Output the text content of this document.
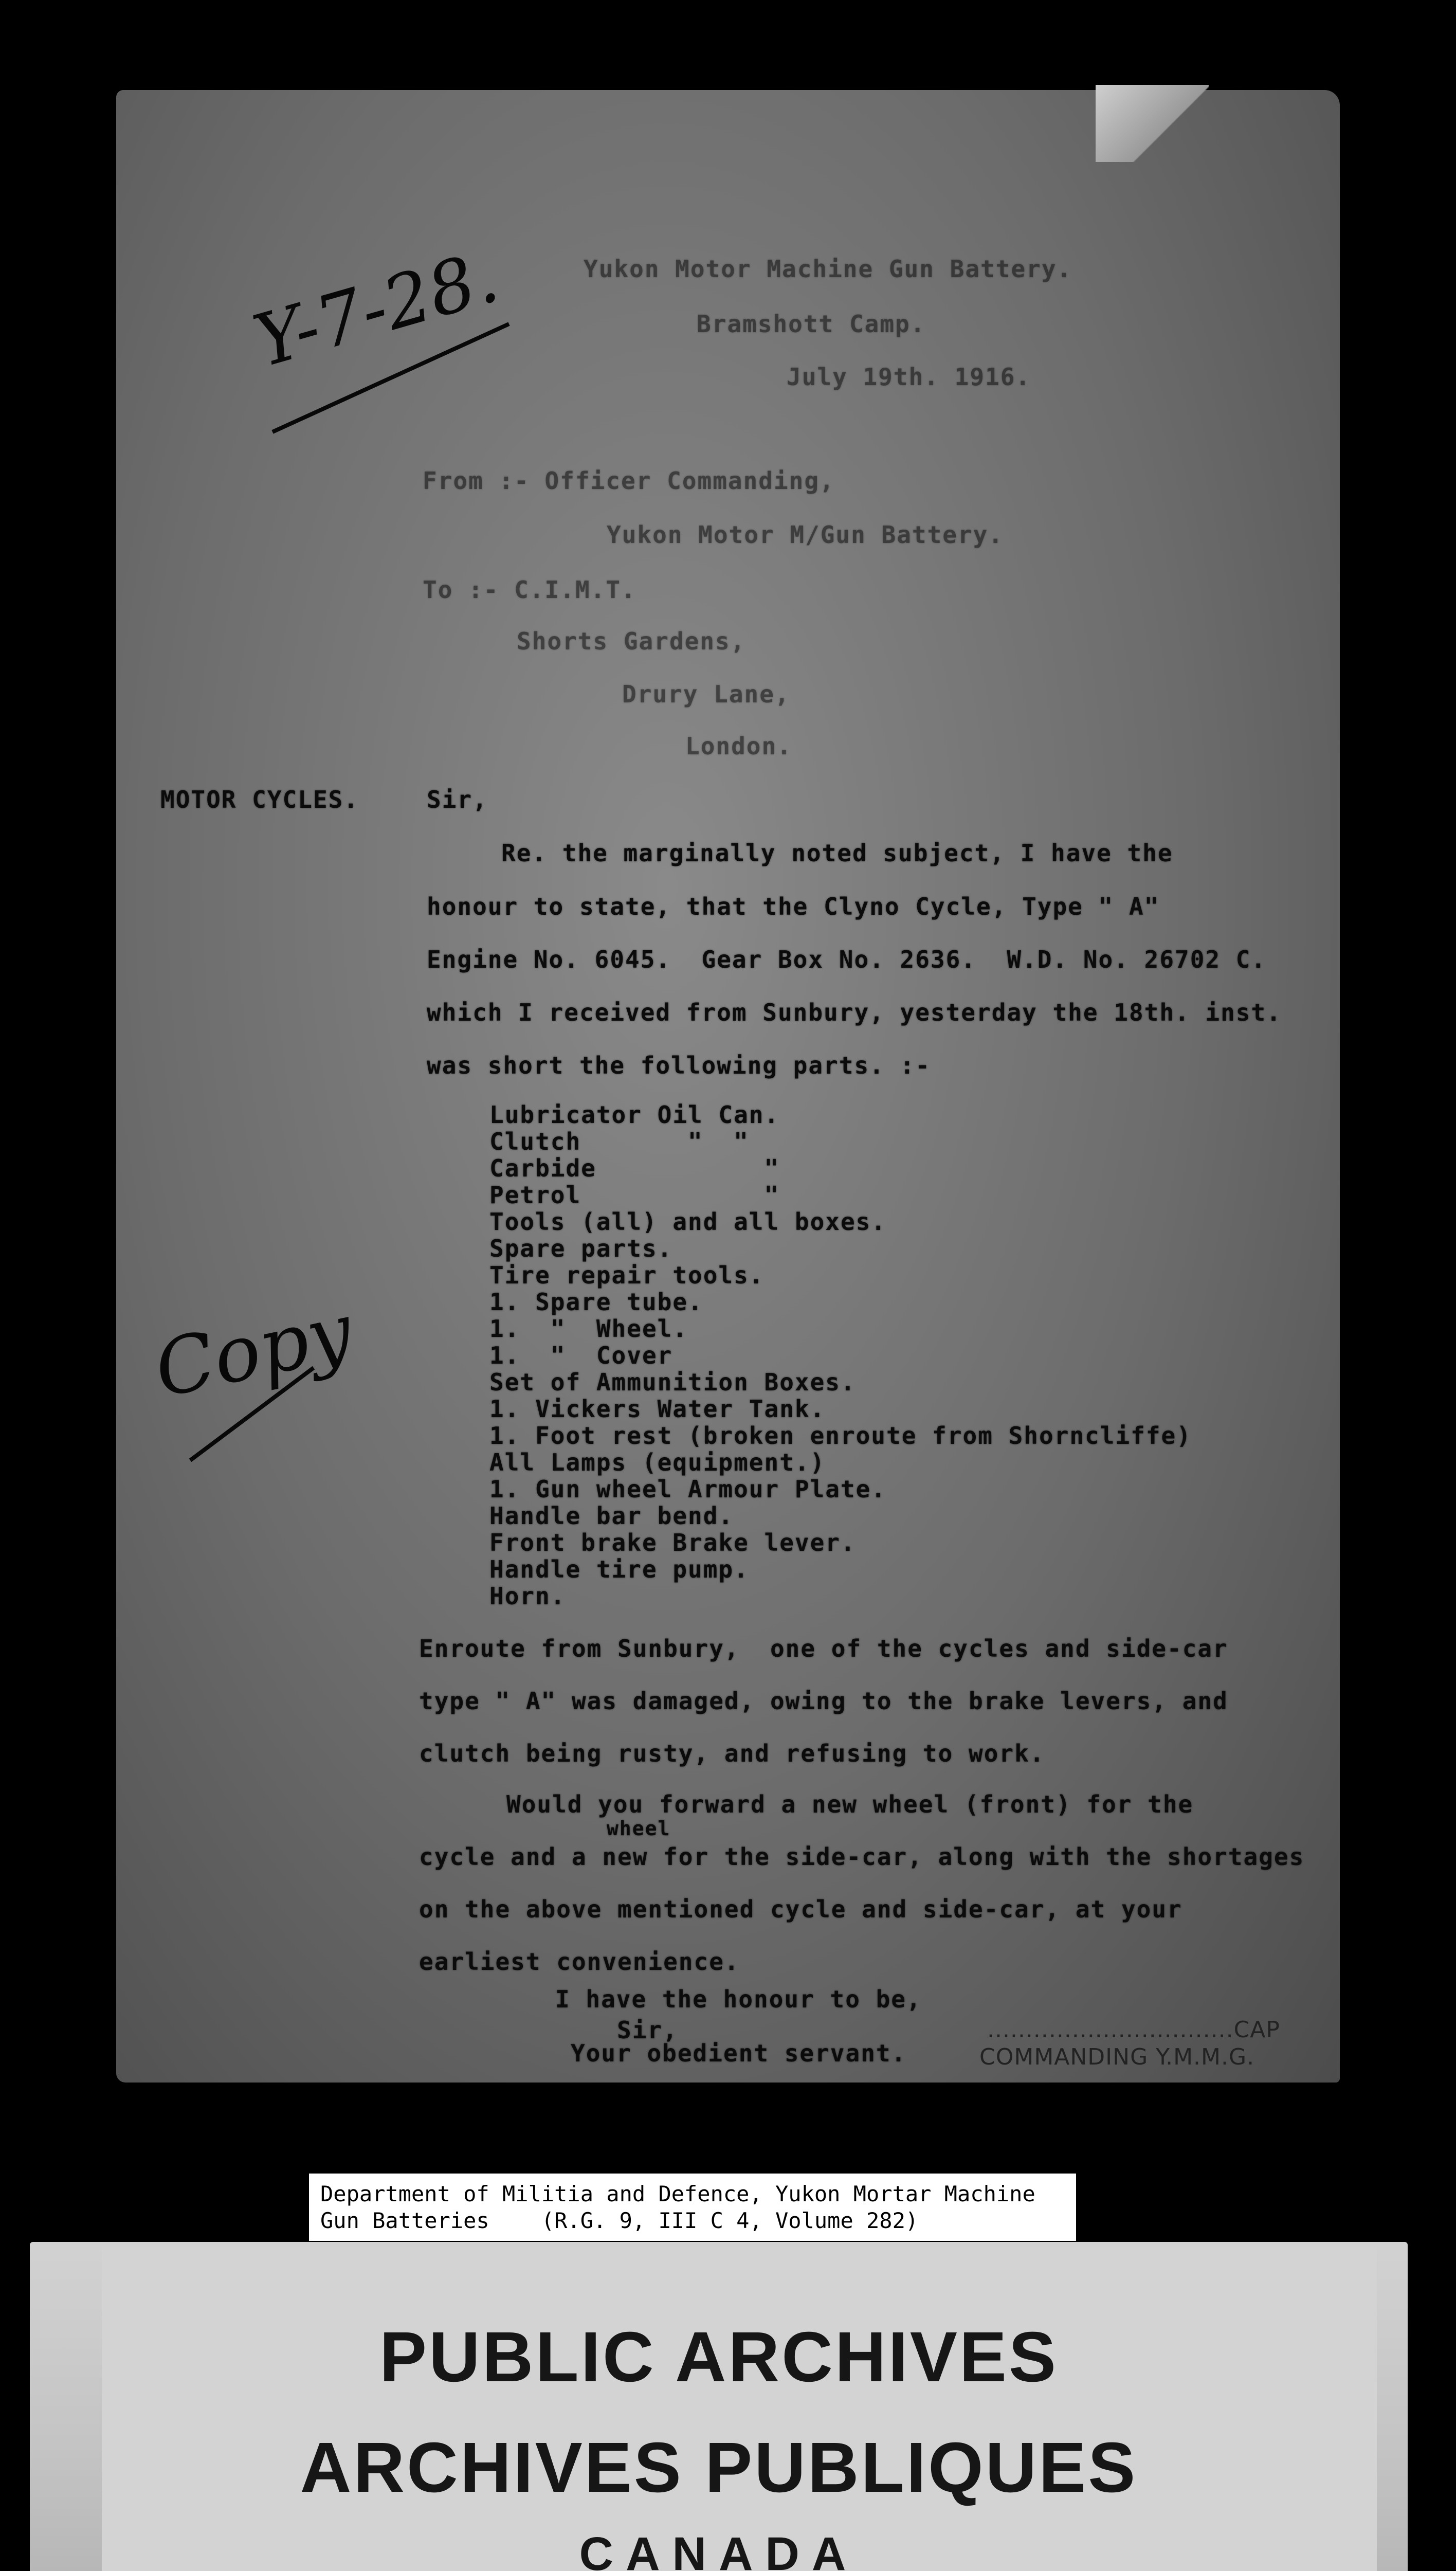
Yukon Motor Machine Gun Battery.
Bramshott Camp.
July 19th. 1916.
Y-7-28.
From :- Officer Commanding,
Yukon Motor M/Gun Battery.
To :- C.I.M.T.
Shorts Gardens,
Drury Lane,
London.
MOTOR CYCLES.	Sir,
Re. the marginally noted subject, I have the
honour to state, that the Clyno Cycle, Type " A"
Engine No. 6045.  Gear Box No. 2636.  W.D. No. 26702 C.
which I received from Sunbury, yesterday the 18th. inst.
was short the following parts. :-
Lubricator Oil Can.
Clutch       "  "
Carbide           "
Petrol            "
Tools (all) and all boxes.
Spare parts.
Tire repair tools.
1. Spare tube.
1.  "  Wheel.
1.  "  Cover
Set of Ammunition Boxes.
1. Vickers Water Tank.
1. Foot rest (broken enroute from Shorncliffe)
All Lamps (equipment.)
1. Gun wheel Armour Plate.
Handle bar bend.
Front brake Brake lever.
Handle tire pump.
Horn.
Copy
Enroute from Sunbury,  one of the cycles and side-car
type " A" was damaged, owing to the brake levers, and
clutch being rusty, and refusing to work.
Would you forward a new wheel (front) for the
wheel
cycle and a new for the side-car, along with the shortages
on the above mentioned cycle and side-car, at your
earliest convenience.
I have the honour to be,
Sir,
Your obedient servant.
................................CAP
COMMANDING Y.M.M.G.
Department of Militia and Defence, Yukon Mortar Machine
Gun Batteries    (R.G. 9, III C 4, Volume 282)
PUBLIC ARCHIVES
ARCHIVES PUBLIQUES
CANADA
